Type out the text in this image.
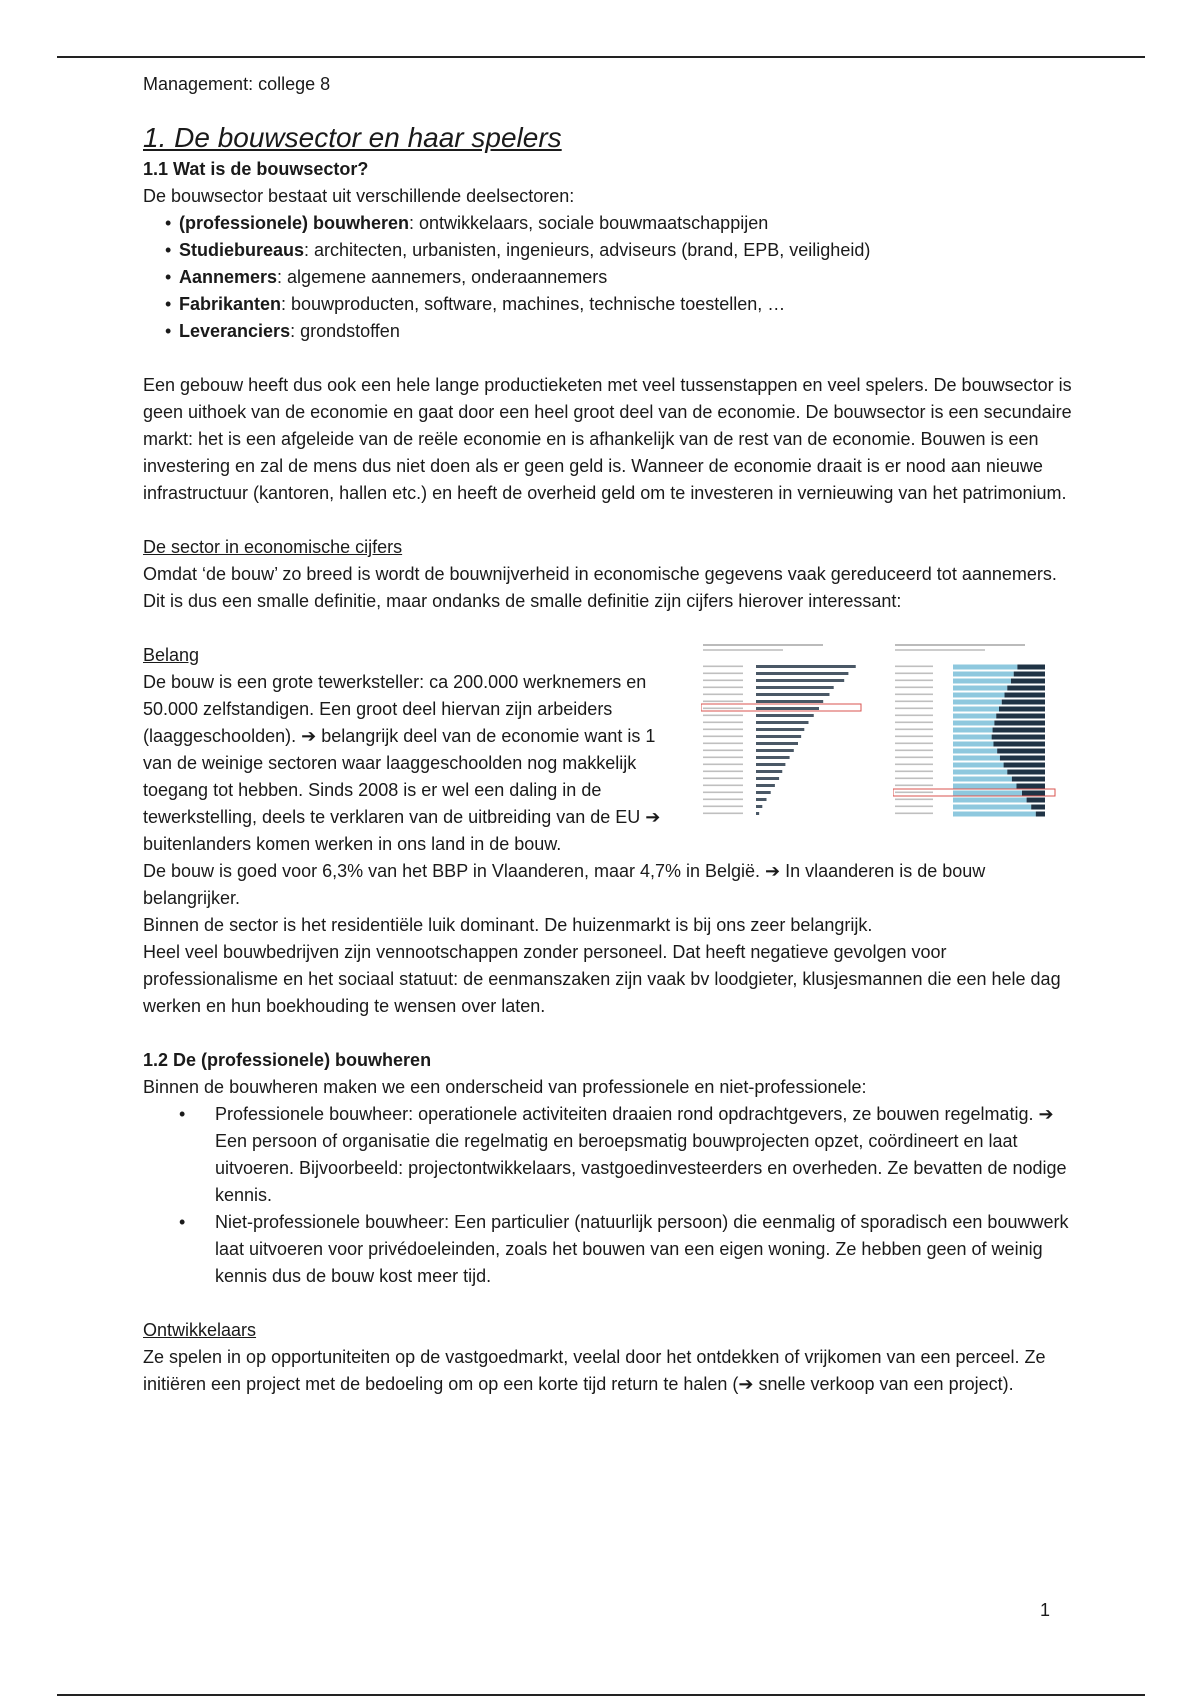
Management: college 8

1. De bouwsector en haar spelers
1.1 Wat is de bouwsector?

De bouwsector bestaat uit verschillende deelsectoren:

• (professionele) bouwheren: ontwikkelaars, sociale bouwmaatschappijen
• Studiebureaus: architecten, urbanisten, ingenieurs, adviseurs (brand, EPB, veiligheid)
• Aannemers: algemene aannemers, onderaannemers
• Fabrikanten: bouwproducten, software, machines, technische toestellen, …
• Leveranciers: grondstoffen

Een gebouw heeft dus ook een hele lange productieketen met veel tussenstappen en veel spelers. De bouwsector is geen uithoek van de economie en gaat door een heel groot deel van de economie. De bouwsector is een secundaire markt: het is een afgeleide van de reële economie en is afhankelijk van de rest van de economie. Bouwen is een investering en zal de mens dus niet doen als er geen geld is. Wanneer de economie draait is er nood aan nieuwe infrastructuur (kantoren, hallen etc.) en heeft de overheid geld om te investeren in vernieuwing van het patrimonium.

De sector in economische cijfers

Omdat ‘de bouw’ zo breed is wordt de bouwnijverheid in economische gegevens vaak gereduceerd tot aannemers. Dit is dus een smalle definitie, maar ondanks de smalle definitie zijn cijfers hierover interessant:

Belang

De bouw is een grote tewerksteller: ca 200.000 werknemers en 50.000 zelfstandigen. Een groot deel hiervan zijn arbeiders (laaggeschoolden). ➔ belangrijk deel van de economie want is 1 van de weinige sectoren waar laaggeschoolden nog makkelijk toegang tot hebben. Sinds 2008 is er wel een daling in de tewerkstelling, deels te verklaren van de uitbreiding van de EU ➔ buitenlanders komen werken in ons land in de bouw.

De bouw is goed voor 6,3% van het BBP in Vlaanderen, maar 4,7% in België. ➔ In vlaanderen is de bouw belangrijker.

Binnen de sector is het residentiële luik dominant. De huizenmarkt is bij ons zeer belangrijk.

Heel veel bouwbedrijven zijn vennootschappen zonder personeel. Dat heeft negatieve gevolgen voor professionalisme en het sociaal statuut: de eenmanszaken zijn vaak bv loodgieter, klusjesmannen die een hele dag werken en hun boekhouding te wensen over laten.

1.2 De (professionele) bouwheren

Binnen de bouwheren maken we een onderscheid van professionele en niet-professionele:

• Professionele bouwheer: operationele activiteiten draaien rond opdrachtgevers, ze bouwen regelmatig. ➔ Een persoon of organisatie die regelmatig en beroepsmatig bouwprojecten opzet, coördineert en laat uitvoeren. Bijvoorbeeld: projectontwikkelaars, vastgoedinvesteerders en overheden. Ze bevatten de nodige kennis.
• Niet-professionele bouwheer: Een particulier (natuurlijk persoon) die eenmalig of sporadisch een bouwwerk laat uitvoeren voor privédoeleinden, zoals het bouwen van een eigen woning. Ze hebben geen of weinig kennis dus de bouw kost meer tijd.

Ontwikkelaars

Ze spelen in op opportuniteiten op de vastgoedmarkt, veelal door het ontdekken of vrijkomen van een perceel. Ze initiëren een project met de bedoeling om op een korte tijd return te halen (➔ snelle verkoop van een project).

1
